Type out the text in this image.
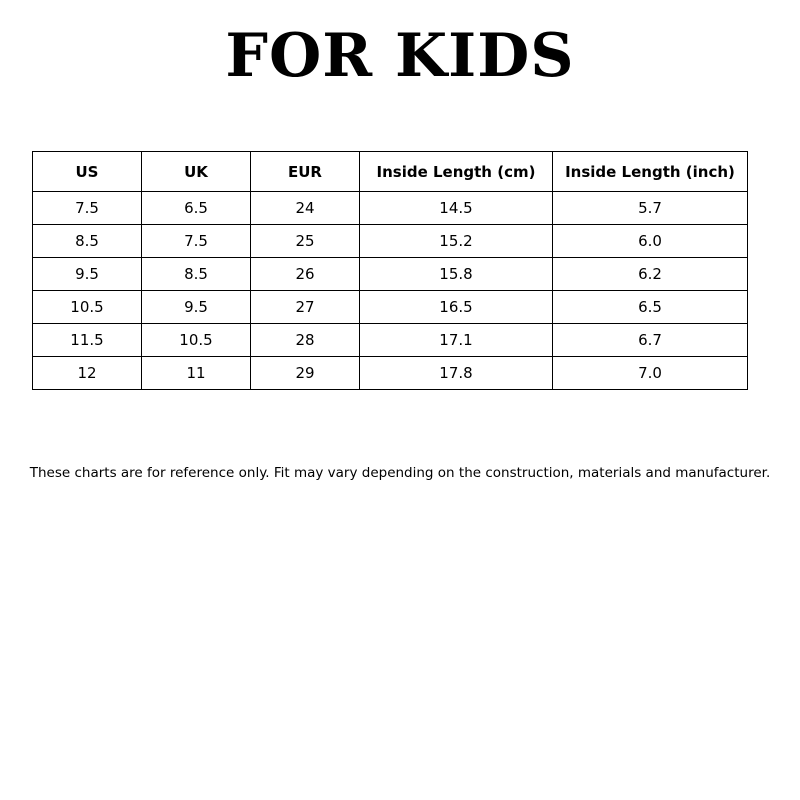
FOR KIDS
US	UK	EUR	Inside Length (cm)	Inside Length (inch)
7.5	6.5	24	14.5	5.7
8.5	7.5	25	15.2	6.0
9.5	8.5	26	15.8	6.2
10.5	9.5	27	16.5	6.5
11.5	10.5	28	17.1	6.7
12	11	29	17.8	7.0
These charts are for reference only. Fit may vary depending on the construction, materials and manufacturer.
